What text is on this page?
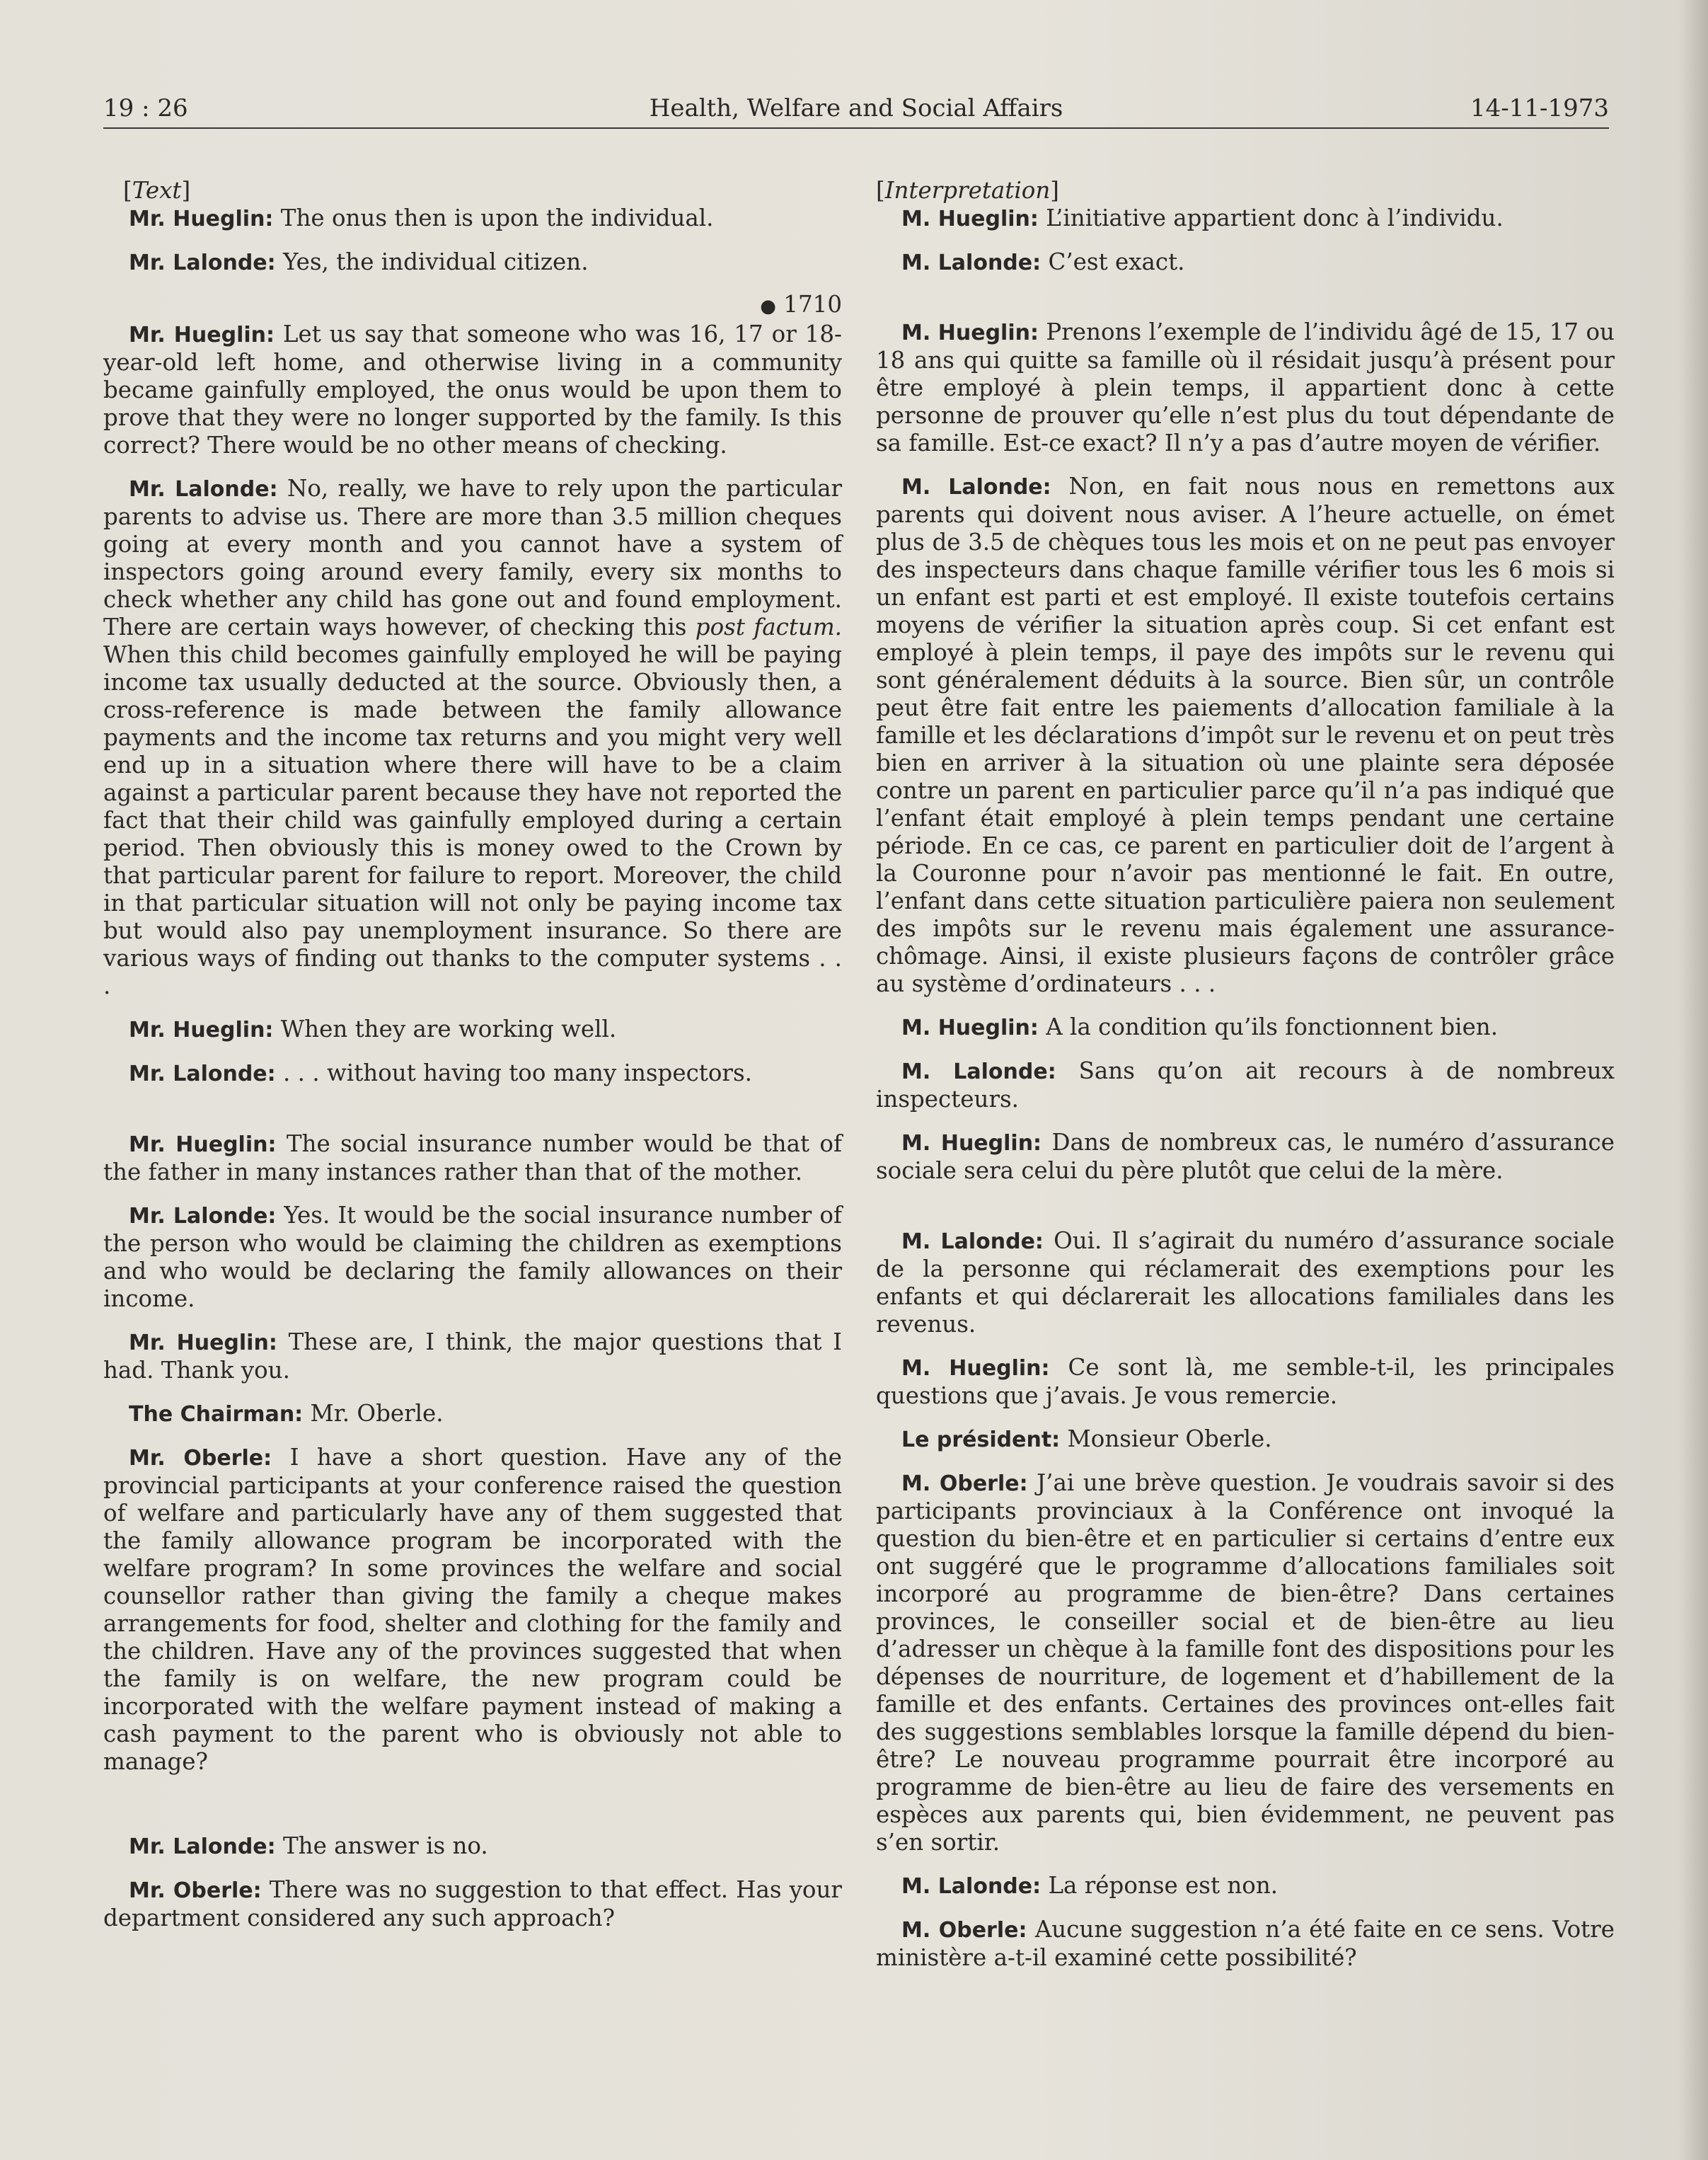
19 : 26	Health, Welfare and Social Affairs	14-11-1973
[Text]

Mr. Hueglin: The onus then is upon the individual.

Mr. Lalonde: Yes, the individual citizen.

● 1710

Mr. Hueglin: Let us say that someone who was 16, 17 or 18-year-old left home, and otherwise living in a community became gainfully employed, the onus would be upon them to prove that they were no longer supported by the family. Is this correct? There would be no other means of checking.

Mr. Lalonde: No, really, we have to rely upon the particular parents to advise us. There are more than 3.5 million cheques going at every month and you cannot have a system of inspectors going around every family, every six months to check whether any child has gone out and found employment. There are certain ways however, of checking this post factum. When this child becomes gainfully employed he will be paying income tax usually deducted at the source. Obviously then, a cross-reference is made between the family allowance payments and the income tax returns and you might very well end up in a situation where there will have to be a claim against a particular parent because they have not reported the fact that their child was gainfully employed during a certain period. Then obviously this is money owed to the Crown by that particular parent for failure to report. Moreover, the child in that particular situation will not only be paying income tax but would also pay unemployment insurance. So there are various ways of finding out thanks to the computer systems . . .

Mr. Hueglin: When they are working well.

Mr. Lalonde: . . . without having too many inspectors.

Mr. Hueglin: The social insurance number would be that of the father in many instances rather than that of the mother.

Mr. Lalonde: Yes. It would be the social insurance number of the person who would be claiming the children as exemptions and who would be declaring the family allowances on their income.

Mr. Hueglin: These are, I think, the major questions that I had. Thank you.

The Chairman: Mr. Oberle.

Mr. Oberle: I have a short question. Have any of the provincial participants at your conference raised the question of welfare and particularly have any of them suggested that the family allowance program be incorporated with the welfare program? In some provinces the welfare and social counsellor rather than giving the family a cheque makes arrangements for food, shelter and clothing for the family and the children. Have any of the provinces suggested that when the family is on welfare, the new program could be incorporated with the welfare payment instead of making a cash payment to the parent who is obviously not able to manage?

Mr. Lalonde: The answer is no.

Mr. Oberle: There was no suggestion to that effect. Has your department considered any such approach?

[Interpretation]

M. Hueglin: L’initiative appartient donc à l’individu.

M. Lalonde: C’est exact.

M. Hueglin: Prenons l’exemple de l’individu âgé de 15, 17 ou 18 ans qui quitte sa famille où il résidait jusqu’à présent pour être employé à plein temps, il appartient donc à cette personne de prouver qu’elle n’est plus du tout dépendante de sa famille. Est-ce exact? Il n’y a pas d’autre moyen de vérifier.

M. Lalonde: Non, en fait nous nous en remettons aux parents qui doivent nous aviser. A l’heure actuelle, on émet plus de 3.5 de chèques tous les mois et on ne peut pas envoyer des inspecteurs dans chaque famille vérifier tous les 6 mois si un enfant est parti et est employé. Il existe toutefois certains moyens de vérifier la situation après coup. Si cet enfant est employé à plein temps, il paye des impôts sur le revenu qui sont généralement déduits à la source. Bien sûr, un contrôle peut être fait entre les paiements d’allocation familiale à la famille et les déclarations d’impôt sur le revenu et on peut très bien en arriver à la situation où une plainte sera déposée contre un parent en particulier parce qu’il n’a pas indiqué que l’enfant était employé à plein temps pendant une certaine période. En ce cas, ce parent en particulier doit de l’argent à la Couronne pour n’avoir pas mentionné le fait. En outre, l’enfant dans cette situation particulière paiera non seulement des impôts sur le revenu mais également une assurance-chômage. Ainsi, il existe plusieurs façons de contrôler grâce au système d’ordinateurs . . .

M. Hueglin: A la condition qu’ils fonctionnent bien.

M. Lalonde: Sans qu’on ait recours à de nombreux inspecteurs.

M. Hueglin: Dans de nombreux cas, le numéro d’assurance sociale sera celui du père plutôt que celui de la mère.

M. Lalonde: Oui. Il s’agirait du numéro d’assurance sociale de la personne qui réclamerait des exemptions pour les enfants et qui déclarerait les allocations familiales dans les revenus.

M. Hueglin: Ce sont là, me semble-t-il, les principales questions que j’avais. Je vous remercie.

Le président: Monsieur Oberle.

M. Oberle: J’ai une brève question. Je voudrais savoir si des participants provinciaux à la Conférence ont invoqué la question du bien-être et en particulier si certains d’entre eux ont suggéré que le programme d’allocations familiales soit incorporé au programme de bien-être? Dans certaines provinces, le conseiller social et de bien-être au lieu d’adresser un chèque à la famille font des dispositions pour les dépenses de nourriture, de logement et d’habillement de la famille et des enfants. Certaines des provinces ont-elles fait des suggestions semblables lorsque la famille dépend du bien-être? Le nouveau programme pourrait être incorporé au programme de bien-être au lieu de faire des versements en espèces aux parents qui, bien évidemment, ne peuvent pas s’en sortir.

M. Lalonde: La réponse est non.

M. Oberle: Aucune suggestion n’a été faite en ce sens. Votre ministère a-t-il examiné cette possibilité?
